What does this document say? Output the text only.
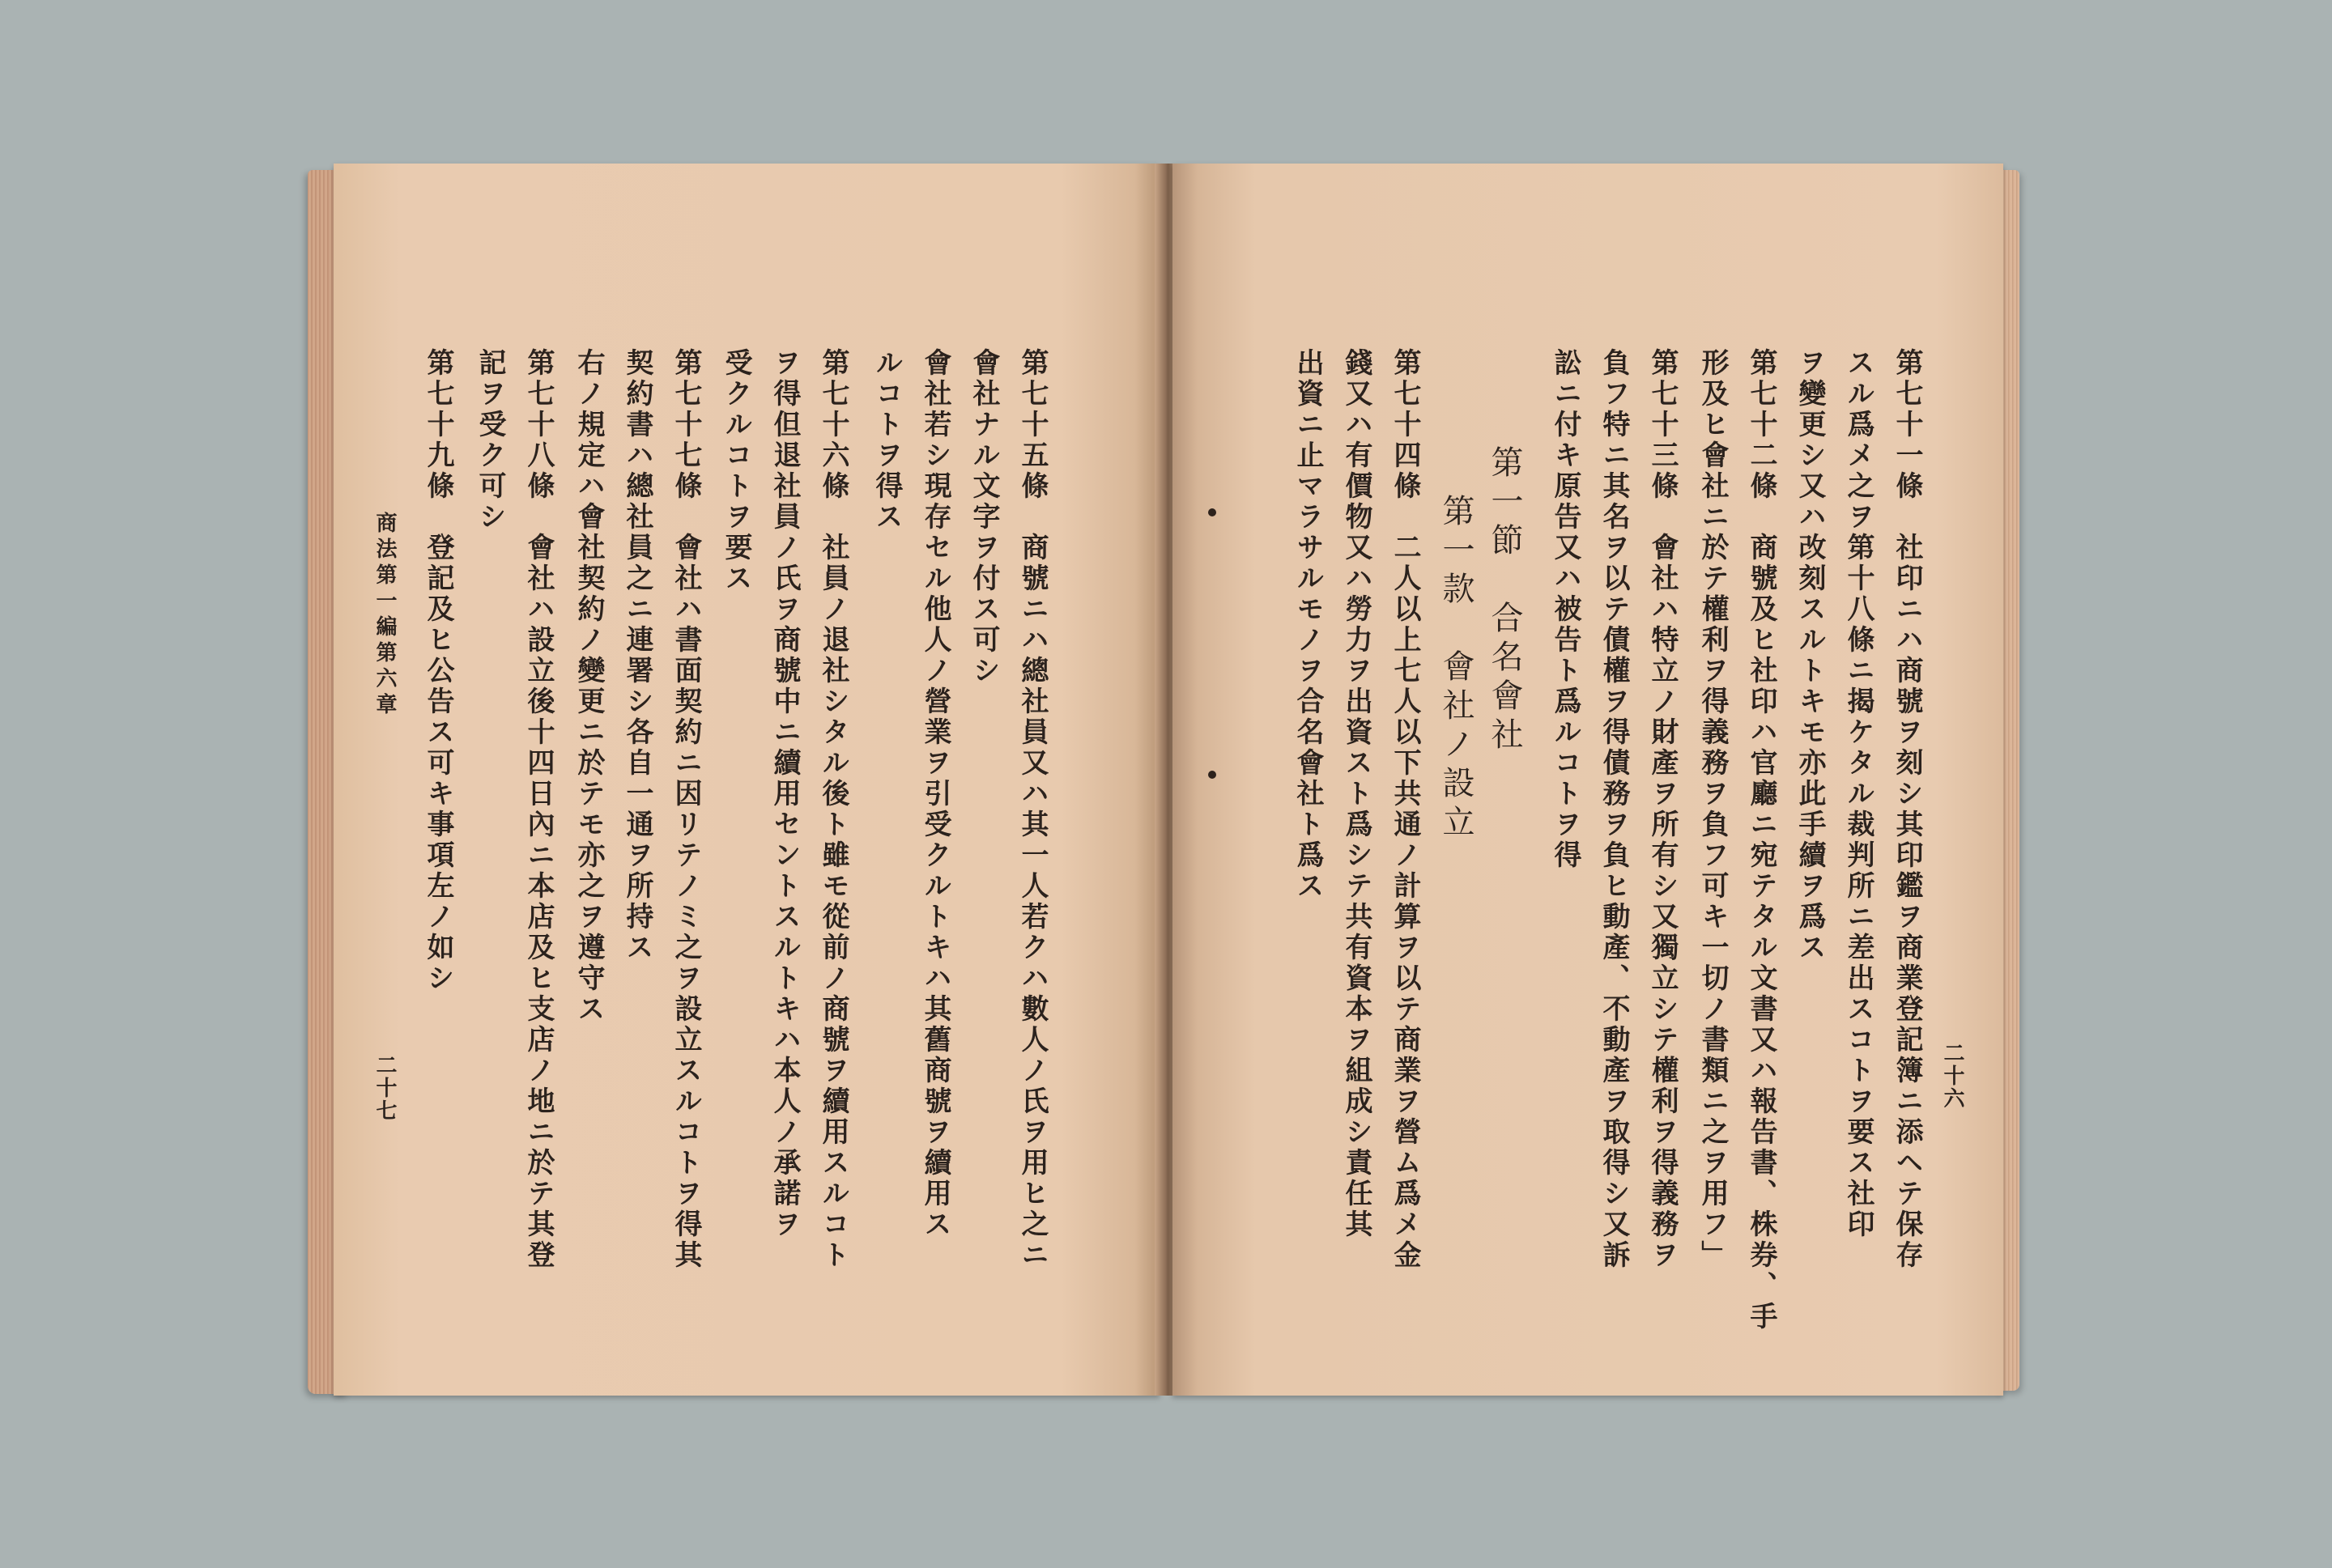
第七十五條　商號ニハ總社員又ハ其一人若クハ數人ノ氏ヲ用ヒ之ニ
會社ナル文字ヲ付ス可シ
會社若シ現存セル他人ノ營業ヲ引受クルトキハ其舊商號ヲ續用ス
ルコトヲ得ス
第七十六條　社員ノ退社シタル後ト雖モ從前ノ商號ヲ續用スルコト
ヲ得但退社員ノ氏ヲ商號中ニ續用セントスルトキハ本人ノ承諾ヲ
受クルコトヲ要ス
第七十七條　會社ハ書面契約ニ因リテノミ之ヲ設立スルコトヲ得其
契約書ハ總社員之ニ連署シ各自一通ヲ所持ス
右ノ規定ハ會社契約ノ變更ニ於テモ亦之ヲ遵守ス
第七十八條　會社ハ設立後十四日內ニ本店及ヒ支店ノ地ニ於テ其登
記ヲ受ク可シ
第七十九條　登記及ヒ公告ス可キ事項左ノ如シ
商法第一編第六章
二十七	二十六
第七十一條　社印ニハ商號ヲ刻シ其印鑑ヲ商業登記簿ニ添ヘテ保存
スル爲メ之ヲ第十八條ニ揭ケタル裁判所ニ差出スコトヲ要ス社印
ヲ變更シ又ハ改刻スルトキモ亦此手續ヲ爲ス
第七十二條　商號及ヒ社印ハ官廳ニ宛テタル文書又ハ報告書、株券、手
形及ヒ會社ニ於テ權利ヲ得義務ヲ負フ可キ一切ノ書類ニ之ヲ用フ」
第七十三條　會社ハ特立ノ財產ヲ所有シ又獨立シテ權利ヲ得義務ヲ
負フ特ニ其名ヲ以テ債權ヲ得債務ヲ負ヒ動產、不動產ヲ取得シ又訴
訟ニ付キ原告又ハ被告ト爲ルコトヲ得
第一節　合名會社
第一款　會社ノ設立
第七十四條　二人以上七人以下共通ノ計算ヲ以テ商業ヲ營ム爲メ金
錢又ハ有價物又ハ勞力ヲ出資スト爲シテ共有資本ヲ組成シ責任其
出資ニ止マラサルモノヲ合名會社ト爲ス
